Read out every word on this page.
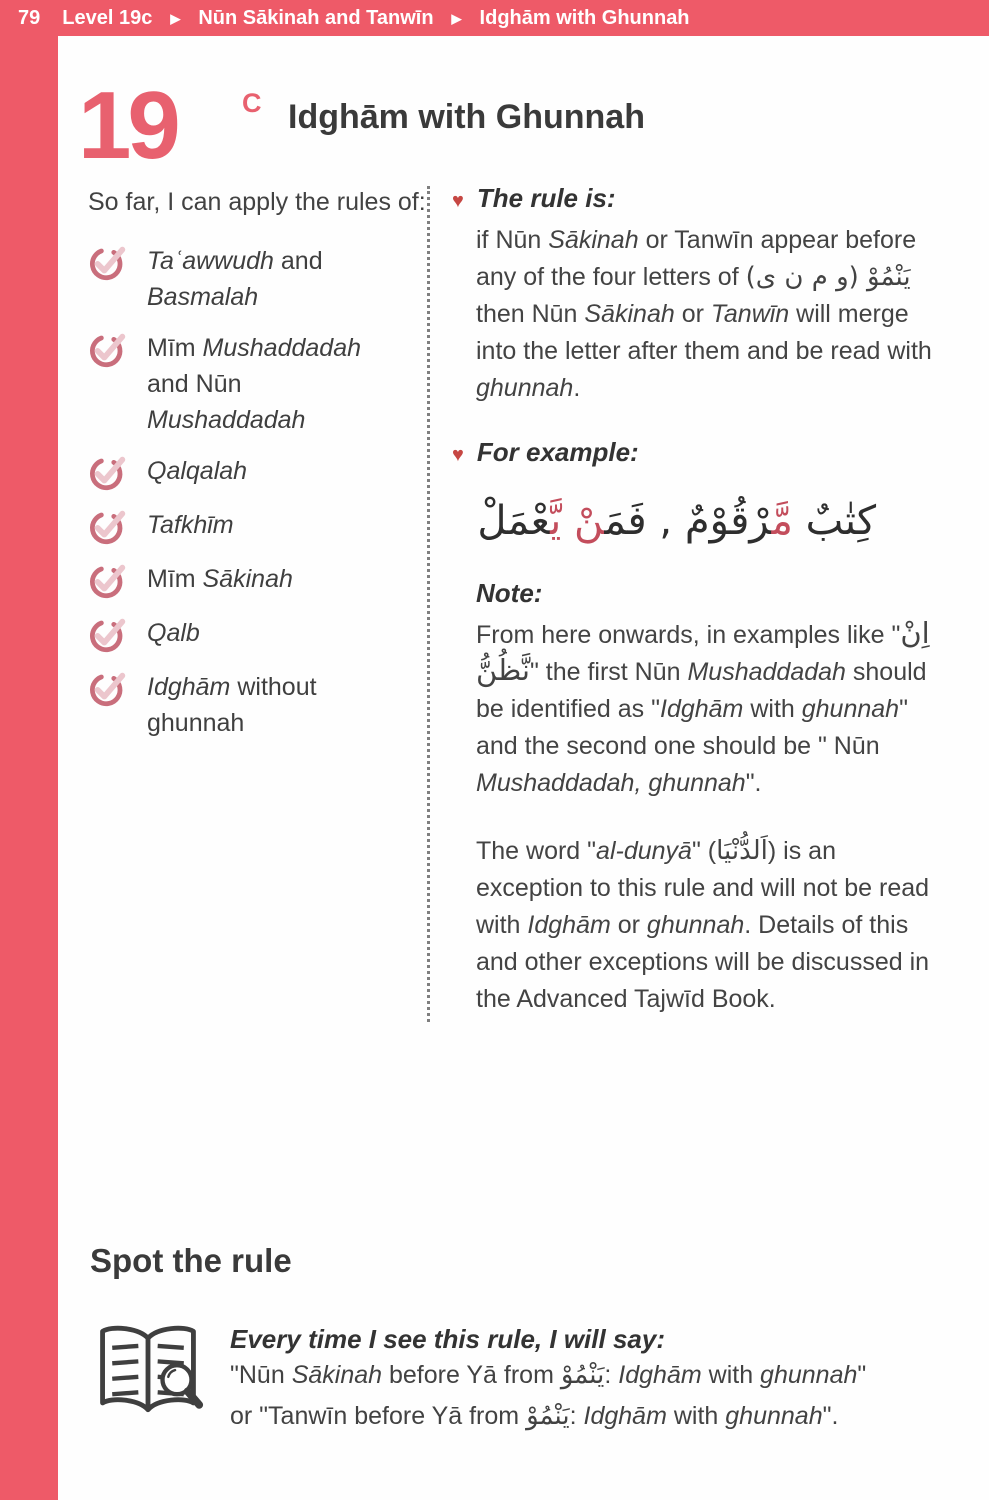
79 Level 19c ▶ Nūn Sākinah and Tanwīn ▶ Idghām with Ghunnah
19 C Idghām with Ghunnah
So far, I can apply the rules of:
Taʿawwudh and Basmalah
Mīm Mushaddadah and Nūn Mushaddadah
Qalqalah
Tafkhīm
Mīm Sākinah
Qalb
Idghām without ghunnah
♥ The rule is:
if Nūn Sākinah or Tanwīn appear before any of the four letters of يَنْمُوْ (و م ن ى) then Nūn Sākinah or Tanwīn will merge into the letter after them and be read with ghunnah.
♥ For example:
كِتٰبٌ مَّ‍‍رْقُوْمٌ , فَمَ‍‍نْ يَّ‍‍عْمَلْ
Note:
From here onwards, in examples like "اِنْ نَّظُنُّ" the first Nūn Mushaddadah should be identified as "Idghām with ghunnah" and the second one should be " Nūn Mushaddadah, ghunnah".
The word "al-dunyā" (اَلدُّنْيَا) is an exception to this rule and will not be read with Idghām or ghunnah. Details of this and other exceptions will be discussed in the Advanced Tajwīd Book.
Spot the rule
Every time I see this rule, I will say:
"Nūn Sākinah before Yā from يَنْمُوْ: Idghām with ghunnah"
or "Tanwīn before Yā from يَنْمُوْ: Idghām with ghunnah".
